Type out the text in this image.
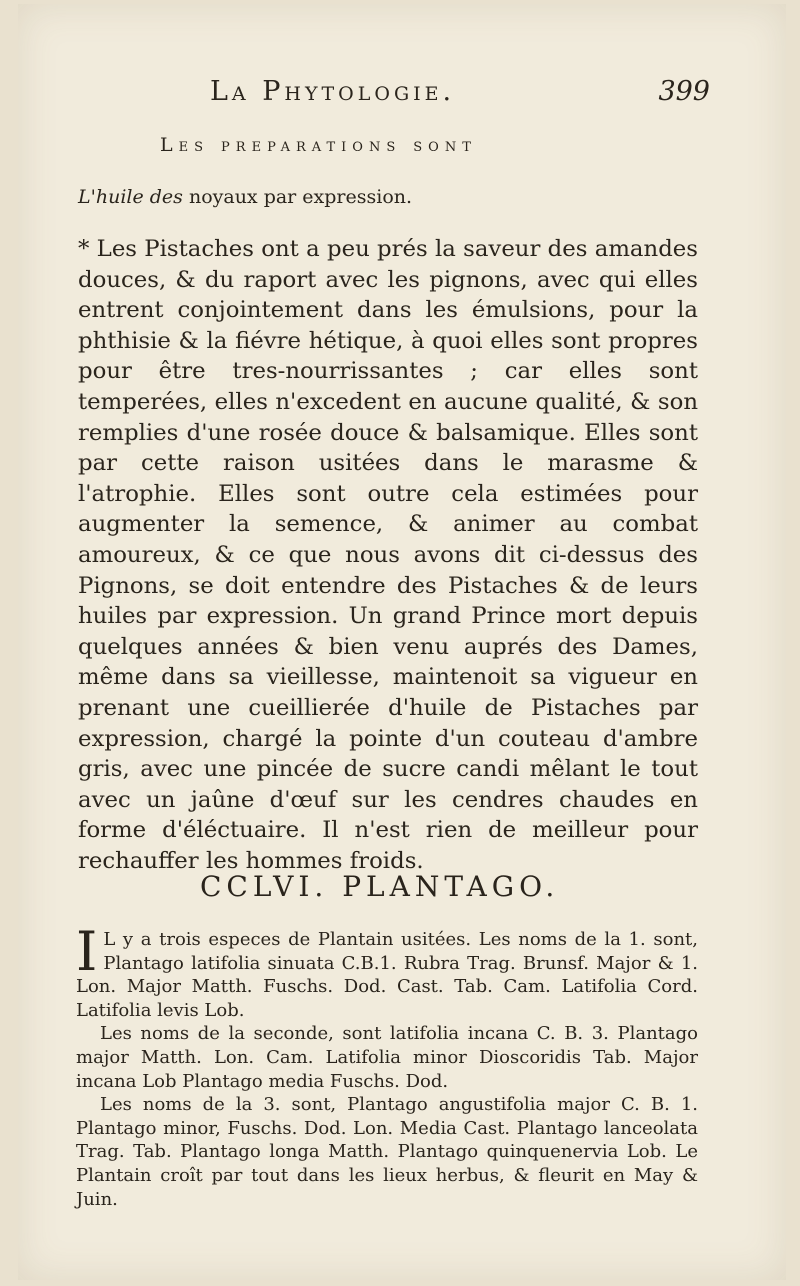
La Phytologie.	399
Les preparations sont
L'huile des noyaux par expression.

* Les Pistaches ont a peu prés la saveur des amandes douces, & du raport avec les pignons, avec qui elles entrent conjointement dans les émulsions, pour la phthisie & la fiévre hétique, à quoi elles sont propres pour être tres-nourrissantes ; car elles sont temperées, elles n'excedent en aucune qualité, & son remplies d'une rosée douce & balsamique. Elles sont par cette raison usitées dans le marasme & l'atrophie. Elles sont outre cela estimées pour augmenter la semence, & animer au combat amoureux, & ce que nous avons dit ci-dessus des Pignons, se doit entendre des Pistaches & de leurs huiles par expression. Un grand Prince mort depuis quelques années & bien venu auprés des Dames, même dans sa vieillesse, maintenoit sa vigueur en prenant une cueillierée d'huile de Pistaches par expression, chargé la pointe d'un couteau d'ambre gris, avec une pincée de sucre candi mêlant le tout avec un jaûne d'œuf sur les cendres chaudes en forme d'éléctuaire. Il n'est rien de meilleur pour rechauffer les hommes froids.

CCLVI. PLANTAGO.

I L y a trois especes de Plantain usitées. Les noms de la 1. sont, Plantago latifolia sinuata C.B.1. Rubra Trag. Brunsf. Major & 1. Lon. Major Matth. Fuschs. Dod. Cast. Tab. Cam. Latifolia Cord. Latifolia levis Lob.

Les noms de la seconde, sont latifolia incana C. B. 3. Plantago major Matth. Lon. Cam. Latifolia minor Dioscoridis Tab. Major incana Lob Plantago media Fuschs. Dod.

Les noms de la 3. sont, Plantago angustifolia major C. B. 1. Plantago minor, Fuschs. Dod. Lon. Media Cast. Plantago lanceolata Trag. Tab. Plantago longa Matth. Plantago quinquenervia Lob. Le Plantain croît par tout dans les lieux herbus, & fleurit en May & Juin.
